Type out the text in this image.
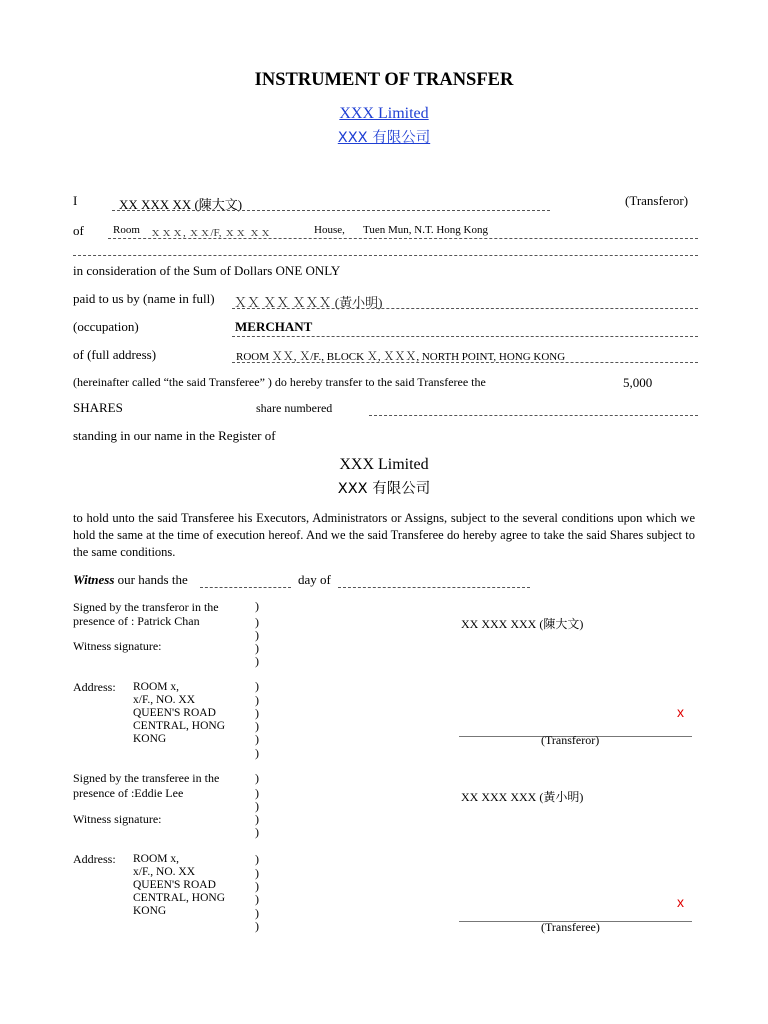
INSTRUMENT OF TRANSFER
XXX Limited
XXX 有限公司
I	XX XXX XX (陳大文)	(Transferor)
of	Room ｘｘｘ, ｘｘ/F, ｘｘ ｘｘ	House, Tuen Mun, N.T. Hong Kong
in consideration of the Sum of Dollars ONE ONLY
paid to us by (name in full) ＸＸ ＸＸ ＸＸＸ (黃小明)
(occupation)	MERCHANT
of (full address)	ROOM ＸＸ, Ｘ/F., BLOCK Ｘ, ＸＸＸ, NORTH POINT, HONG KONG
(hereinafter called “the said Transferee” ) do hereby transfer to the said Transferee the	5,000
SHARES	share numbered
standing in our name in the Register of
XXX Limited
XXX 有限公司
to hold unto the said Transferee his Executors, Administrators or Assigns, subject to the several conditions upon which we hold the same at the time of execution hereof. And we the said Transferee do hereby agree to take the said Shares subject to the same conditions.
Witness our hands the	day of
Signed by the transferor in the
presence of : Patrick Chan
Witness signature:
Address: ROOM x,
x/F., NO. XX
QUEEN'S ROAD
CENTRAL, HONG
KONG
)
)
)
)
)
)
)
)
)
)
)
XX XXX XXX (陳大文)
x
(Transferor)
Signed by the transferee in the
presence of :Eddie Lee
Witness signature:
Address: ROOM x,
x/F., NO. XX
QUEEN'S ROAD
CENTRAL, HONG
KONG
)
)
)
)
)
)
)
)
)
)
)
XX XXX XXX (黃小明)
x
(Transferee)
